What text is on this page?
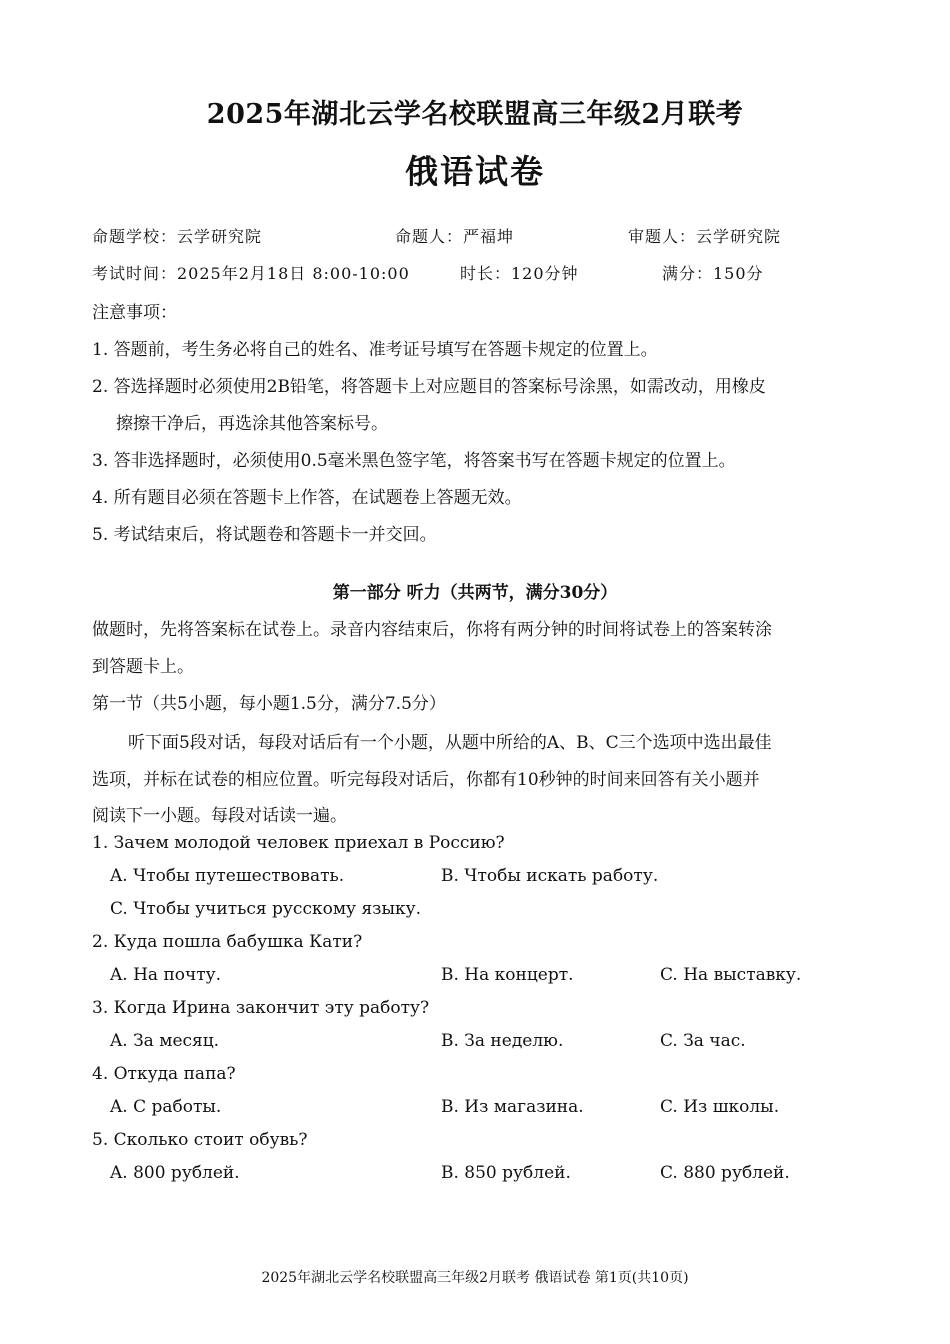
2025年湖北云学名校联盟高三年级2月联考
俄语试卷
命题学校：云学研究院	命题人：严福坤	审题人：云学研究院
考试时间：2025年2月18日 8:00-10:00	时长：120分钟	满分：150分
注意事项：
1. 答题前，考生务必将自己的姓名、准考证号填写在答题卡规定的位置上。
2. 答选择题时必须使用2B铅笔，将答题卡上对应题目的答案标号涂黑，如需改动，用橡皮
擦擦干净后，再选涂其他答案标号。
3. 答非选择题时，必须使用0.5毫米黑色签字笔，将答案书写在答题卡规定的位置上。
4. 所有题目必须在答题卡上作答，在试题卷上答题无效。
5. 考试结束后，将试题卷和答题卡一并交回。
第一部分 听力（共两节，满分30分）
做题时，先将答案标在试卷上。录音内容结束后，你将有两分钟的时间将试卷上的答案转涂
到答题卡上。
第一节（共5小题，每小题1.5分，满分7.5分）
听下面5段对话，每段对话后有一个小题，从题中所给的A、B、C三个选项中选出最佳
选项，并标在试卷的相应位置。听完每段对话后，你都有10秒钟的时间来回答有关小题并
阅读下一小题。每段对话读一遍。
1. Зачем молодой человек приехал в Россию?
A. Чтобы путешествовать.	B. Чтобы искать работу.
C. Чтобы учиться русскому языку.
2. Куда пошла бабушка Кати?
A. На почту.	B. На концерт.	C. На выставку.
3. Когда Ирина закончит эту работу?
A. За месяц.	B. За неделю.	C. За час.
4. Откуда папа?
A. С работы.	B. Из магазина.	C. Из школы.
5. Сколько стоит обувь?
A. 800 рублей.	B. 850 рублей.	C. 880 рублей.
2025年湖北云学名校联盟高三年级2月联考 俄语试卷 第1页(共10页)
